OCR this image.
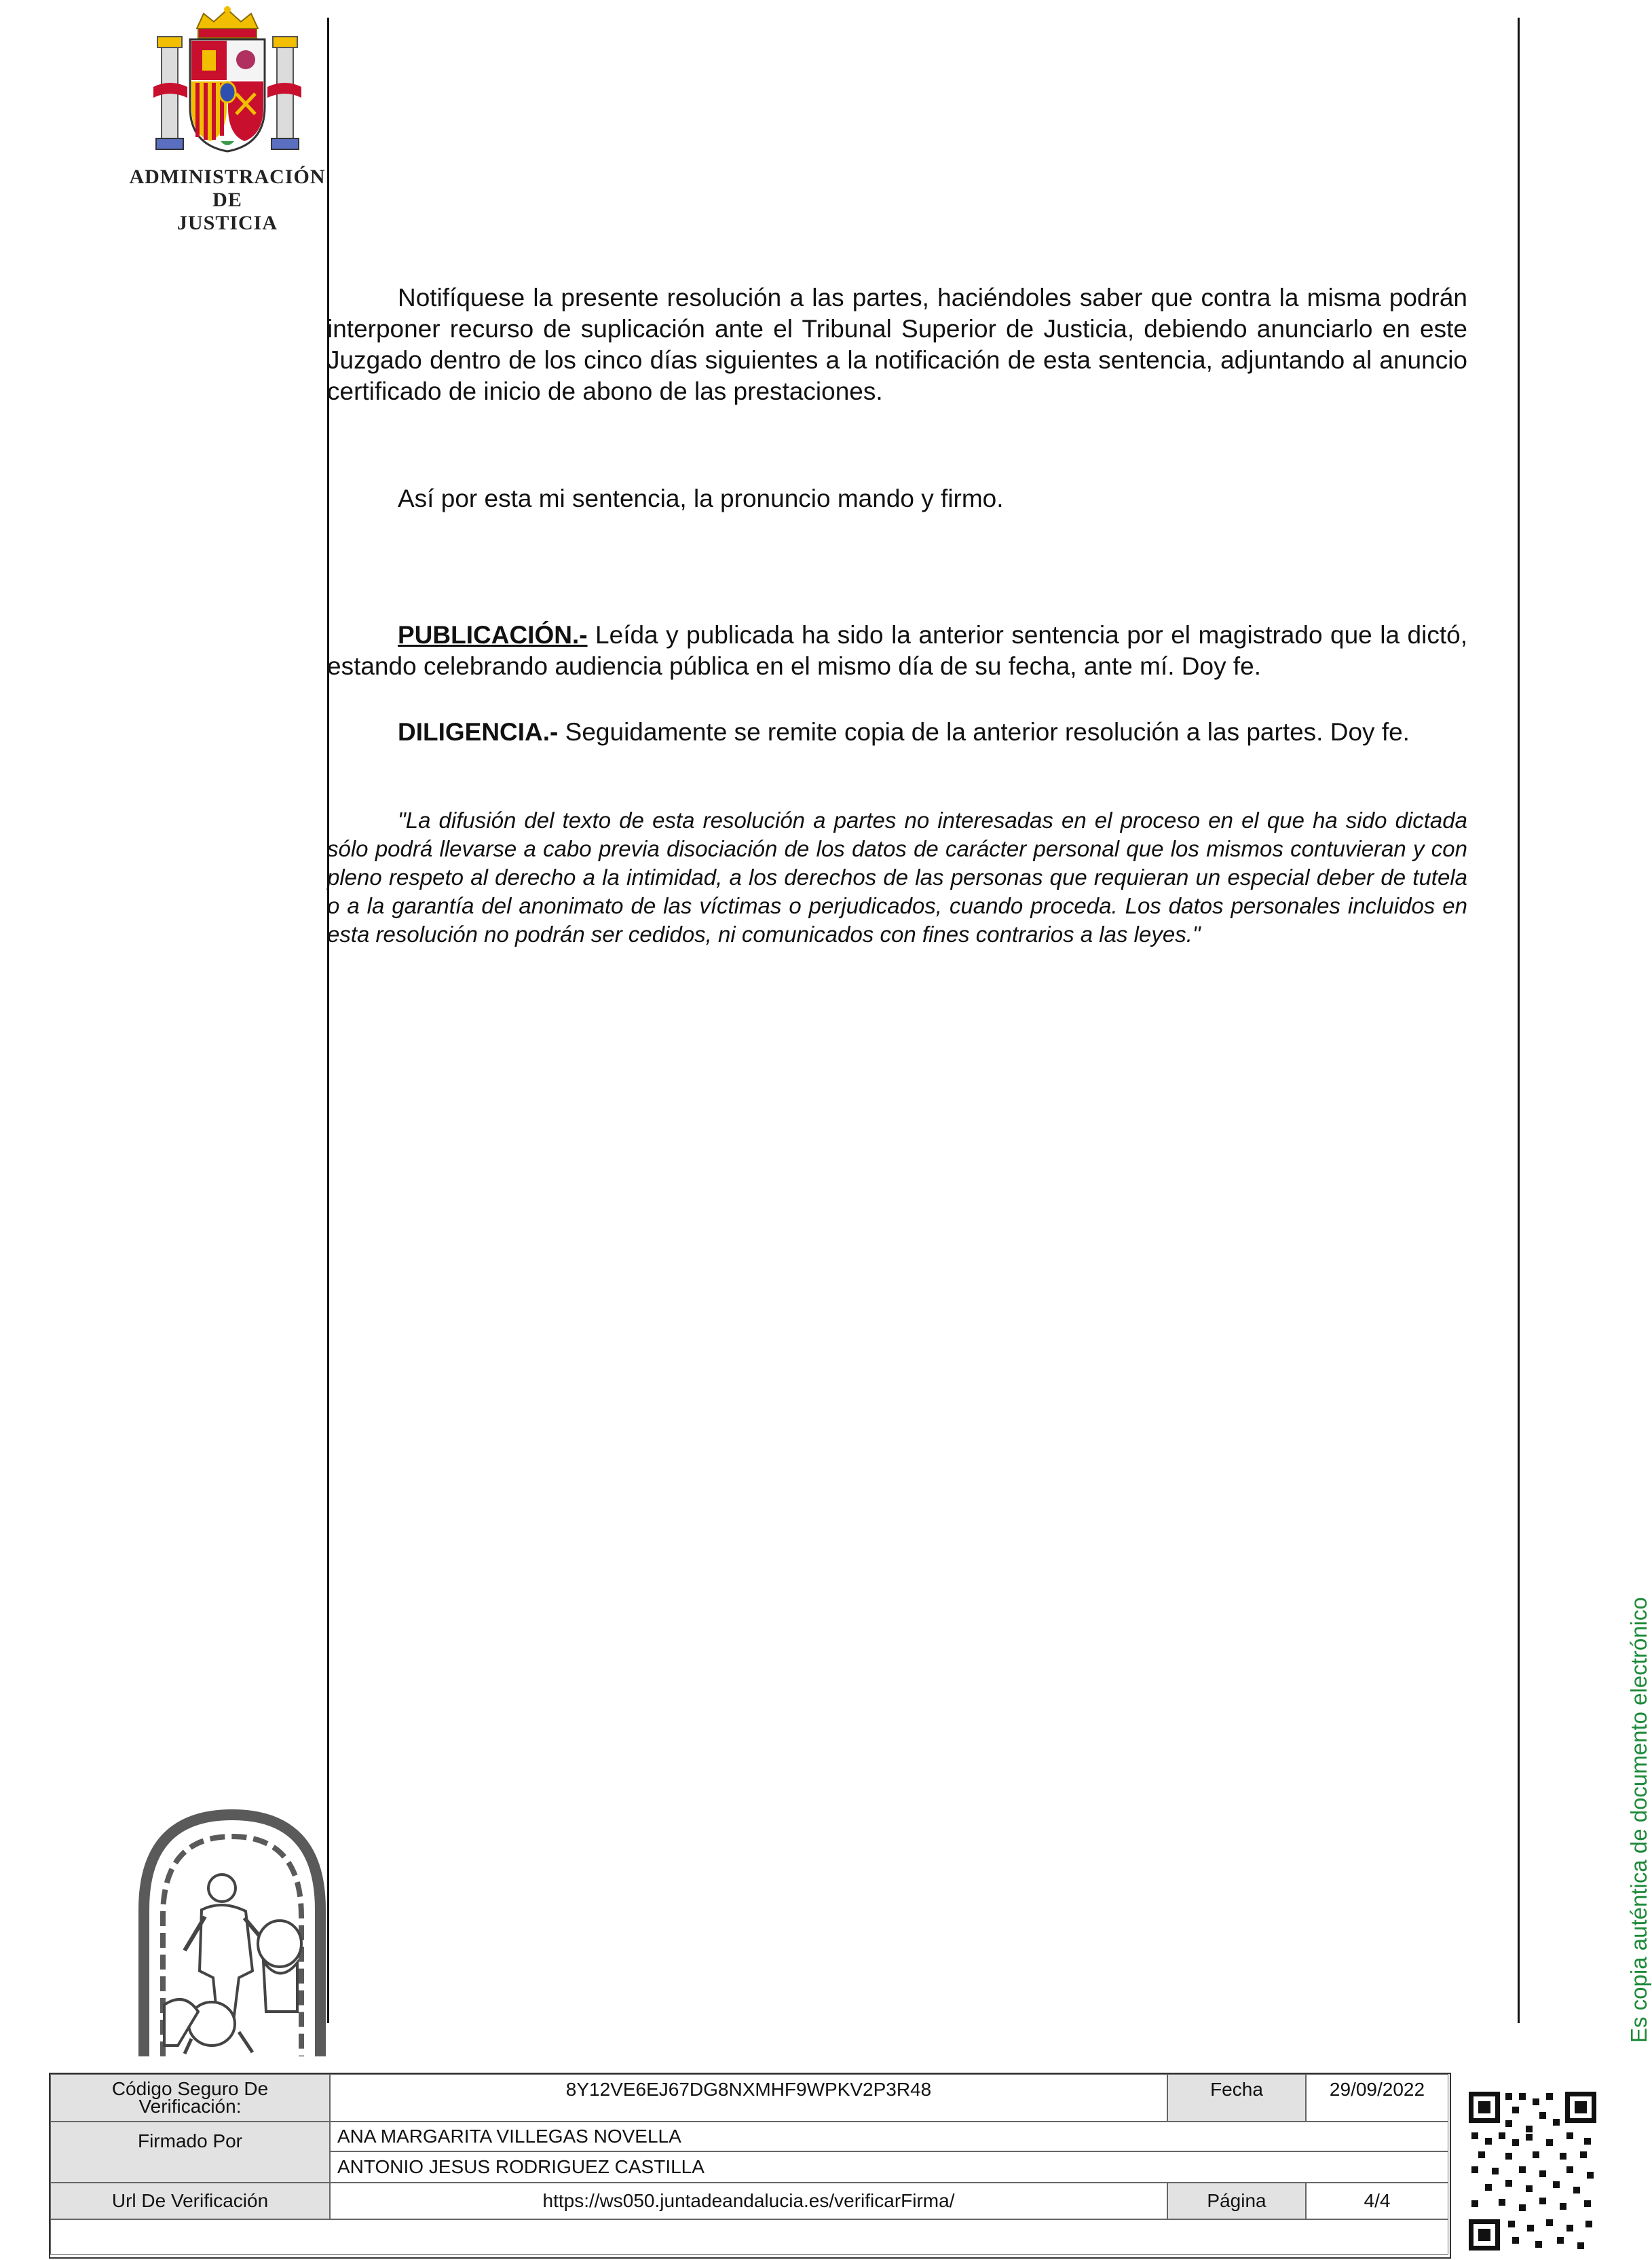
ADMINISTRACIÓN
DE
JUSTICIA
Notifíquese la presente resolución a las partes, haciéndoles saber que contra la misma podrán interponer recurso de suplicación ante el Tribunal Superior de Justicia, debiendo anunciarlo en este Juzgado dentro de los cinco días siguientes a la notificación de esta sentencia, adjuntando al anuncio certificado de inicio de abono de las prestaciones.
Así por esta mi sentencia, la pronuncio mando y firmo.
PUBLICACIÓN.- Leída y publicada ha sido la anterior sentencia por el magistrado que la dictó, estando celebrando audiencia pública en el mismo día de su fecha, ante mí. Doy fe.
DILIGENCIA.- Seguidamente se remite copia de la anterior resolución a las partes. Doy fe.
"La difusión del texto de esta resolución a partes no interesadas en el proceso en el que ha sido dictada sólo podrá llevarse a cabo previa disociación de los datos de carácter personal que los mismos contuvieran y con pleno respeto al derecho a la intimidad, a los derechos de las personas que requieran un especial deber de tutela o a la garantía del anonimato de las víctimas o perjudicados, cuando proceda. Los datos personales incluidos en esta resolución no podrán ser cedidos, ni comunicados con fines contrarios a las leyes."
Es copia auténtica de documento electrónico
Código Seguro De
Verificación:
8Y12VE6EJ67DG8NXMHF9WPKV2P3R48	Fecha	29/09/2022
Firmado Por	ANA MARGARITA VILLEGAS NOVELLA
ANTONIO JESUS RODRIGUEZ CASTILLA
Url De Verificación	https://ws050.juntadeandalucia.es/verificarFirma/	Página	4/4
